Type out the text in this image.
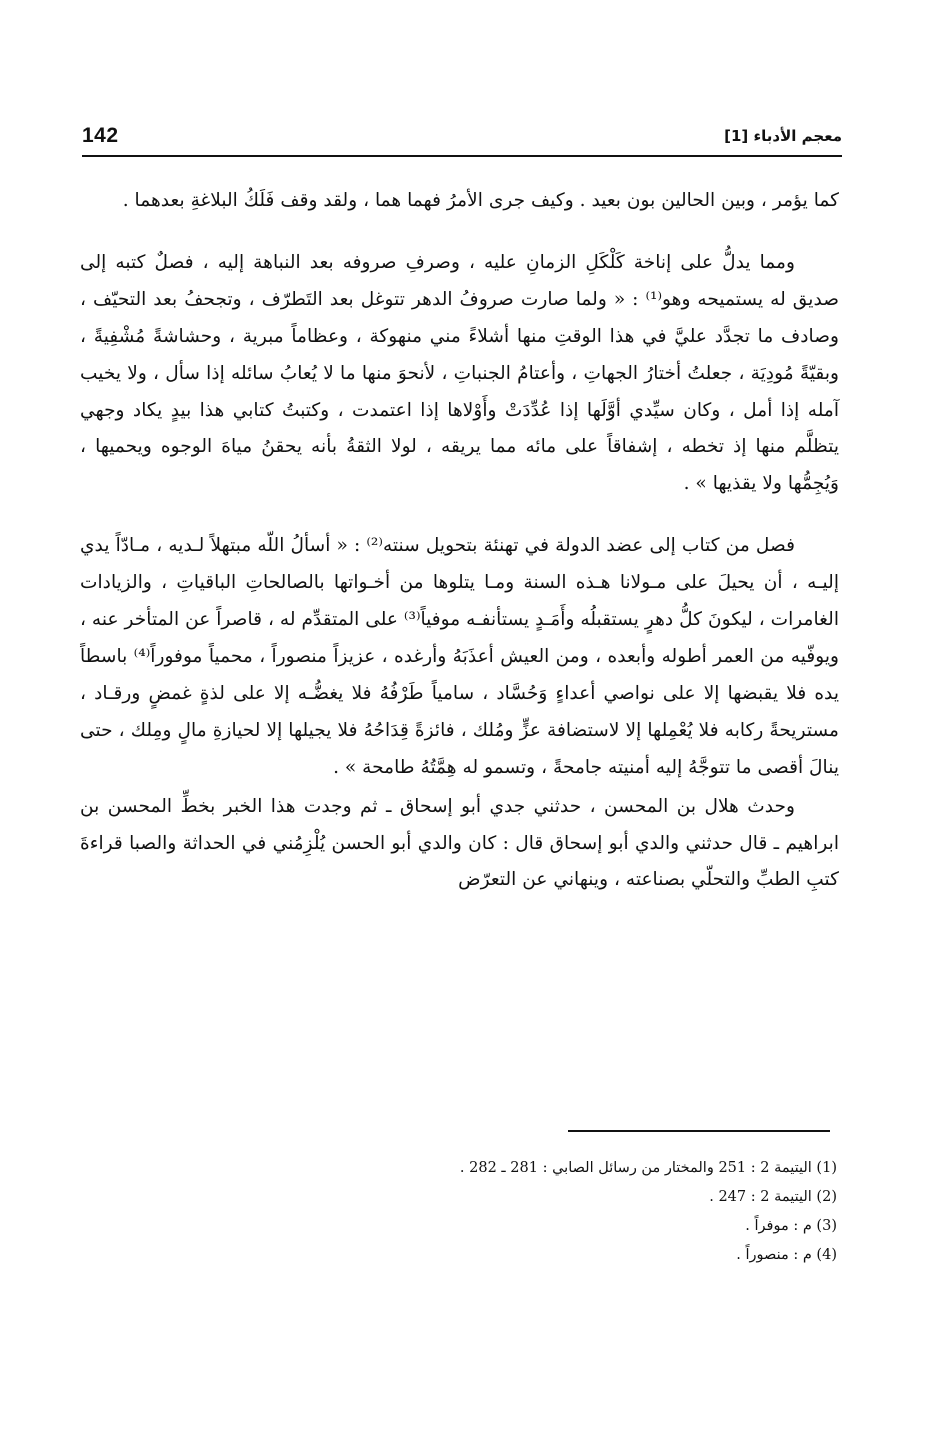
142	معجم الأدباء [1]

كما يؤمر ، وبين الحالين بون بعيد . وكيف جرى الأمرُ فهما هما ، ولقد وقف فَلَكُ البلاغةِ بعدهما .

ومما يدلُّ على إناخة كَلْكَلِ الزمانِ عليه ، وصرفِ صروفه بعد النباهة إليه ، فصلٌ كتبه إلى صديق له يستميحه وهو⁽¹⁾ : « ولما صارت صروفُ الدهر تتوغل بعد التَطرّف ، وتجحفُ بعد التحيّف ، وصادف ما تجدَّد عليَّ في هذا الوقتِ منها أشلاءً مني منهوكة ، وعظاماً مبرية ، وحشاشةً مُشْفِيةً ، وبقيّةً مُودِيَة ، جعلتُ أختارُ الجهاتِ ، وأعتامُ الجنباتِ ، لأنحوَ منها ما لا يُعابُ سائله إذا سأل ، ولا يخيب آمله إذا أمل ، وكان سيِّدي أوَّلَها إذا عُدِّدَتْ وأَوْلاها إذا اعتمدت ، وكتبتُ كتابي هذا بيدٍ يكاد وجهي يتظلَّم منها إذ تخطه ، إشفاقاً على مائه مما يريقه ، لولا الثقةُ بأنه يحقنُ مياهَ الوجوه ويحميها ، وَيُجِمُّها ولا يقذيها » .

فصل من كتاب إلى عضد الدولة في تهنئة بتحويل سنته⁽²⁾ : « أسألُ اللّه مبتهلاً لـديه ، مـادّاً يدي إليـه ، أن يحيلَ على مـولانا هـذه السنة ومـا يتلوها من أخـواتها بالصالحاتِ الباقياتِ ، والزيادات الغامرات ، ليكونَ كلُّ دهرٍ يستقبلُه وأَمَـدٍ يستأنفـه موفياً⁽³⁾ على المتقدِّم له ، قاصراً عن المتأخر عنه ، ويوفّيه من العمر أطوله وأبعده ، ومن العيش أعذَبَهُ وأرغده ، عزيزاً منصوراً ، محمياً موفوراً⁽⁴⁾ باسطاً يده فلا يقبضها إلا على نواصي أعداءٍ وَحُسَّاد ، سامياً طَرْفُهُ فلا يغضُّـه إلا على لذةٍ غمضٍ ورقـاد ، مستريحةً ركابه فلا يُعْمِلها إلا لاستضافة عزٍّ ومُلك ، فائزةً قِدَاحُهُ فلا يجيلها إلا لحيازةِ مالٍ ومِلك ، حتى ينالَ أقصى ما تتوجَّهُ إليه أمنيته جامحةً ، وتسمو له هِمَّتُهُ طامحة » .

وحدث هلال بن المحسن ، حدثني جدي أبو إسحاق ـ ثم وجدت هذا الخبر بخطِّ المحسن بن ابراهيم ـ قال حدثني والدي أبو إسحاق قال : كان والدي أبو الحسن يُلْزِمُني في الحداثة والصبا قراءةَ كتبِ الطبِّ والتحلّي بصناعته ، وينهاني عن التعرّض

(1) اليتيمة 2 : 251 والمختار من رسائل الصابي : 281 ـ 282 .

(2) اليتيمة 2 : 247 .

(3) م : موفراً .

(4) م : منصوراً .
